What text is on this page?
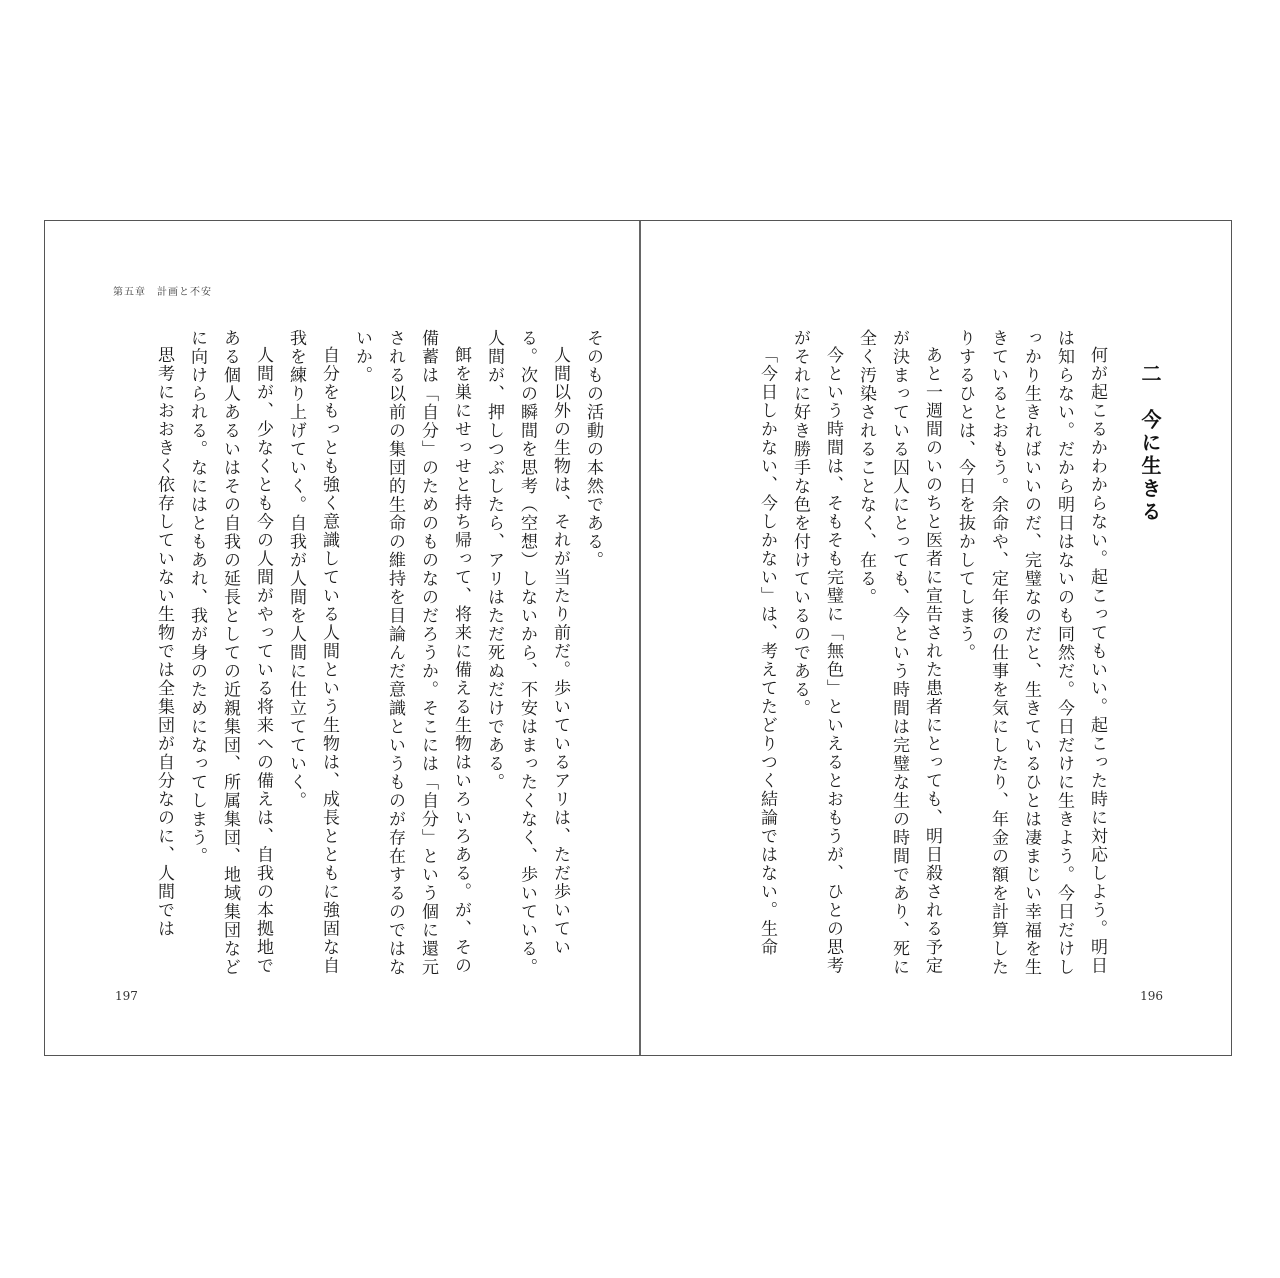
第五章　計画と不安

そのもの活動の本然である。

人間以外の生物は、それが当たり前だ。歩いているアリは、ただ歩いている。次の瞬間を思考（空想）しないから、不安はまったくなく、歩いている。人間が、押しつぶしたら、アリはただ死ぬだけである。

餌を巣にせっせと持ち帰って、将来に備える生物はいろいろある。が、その備蓄は「自分」のためのものなのだろうか。そこには「自分」という個に還元される以前の集団的生命の維持を目論んだ意識というものが存在するのではないか。

自分をもっとも強く意識している人間という生物は、成長とともに強固な自我を練り上げていく。自我が人間を人間に仕立てていく。

人間が、少なくとも今の人間がやっている将来への備えは、自我の本拠地である個人あるいはその自我の延長としての近親集団、所属集団、地域集団などに向けられる。なにはともあれ、我が身のためになってしまう。

思考におおきく依存していない生物では全集団が自分なのに、人間では

197
二　今に生きる

何が起こるかわからない。起こってもいい。起こった時に対応しよう。明日は知らない。だから明日はないのも同然だ。今日だけに生きよう。今日だけしっかり生きればいいのだ、完璧なのだと、生きているひとは凄まじい幸福を生きているとおもう。余命や、定年後の仕事を気にしたり、年金の額を計算したりするひとは、今日を抜かしてしまう。

あと一週間のいのちと医者に宣告された患者にとっても、明日殺される予定が決まっている囚人にとっても、今という時間は完璧な生の時間であり、死に全く汚染されることなく、在る。

今という時間は、そもそも完璧に「無色」といえるとおもうが、ひとの思考がそれに好き勝手な色を付けているのである。

「今日しかない、今しかない」は、考えてたどりつく結論ではない。生命

196
